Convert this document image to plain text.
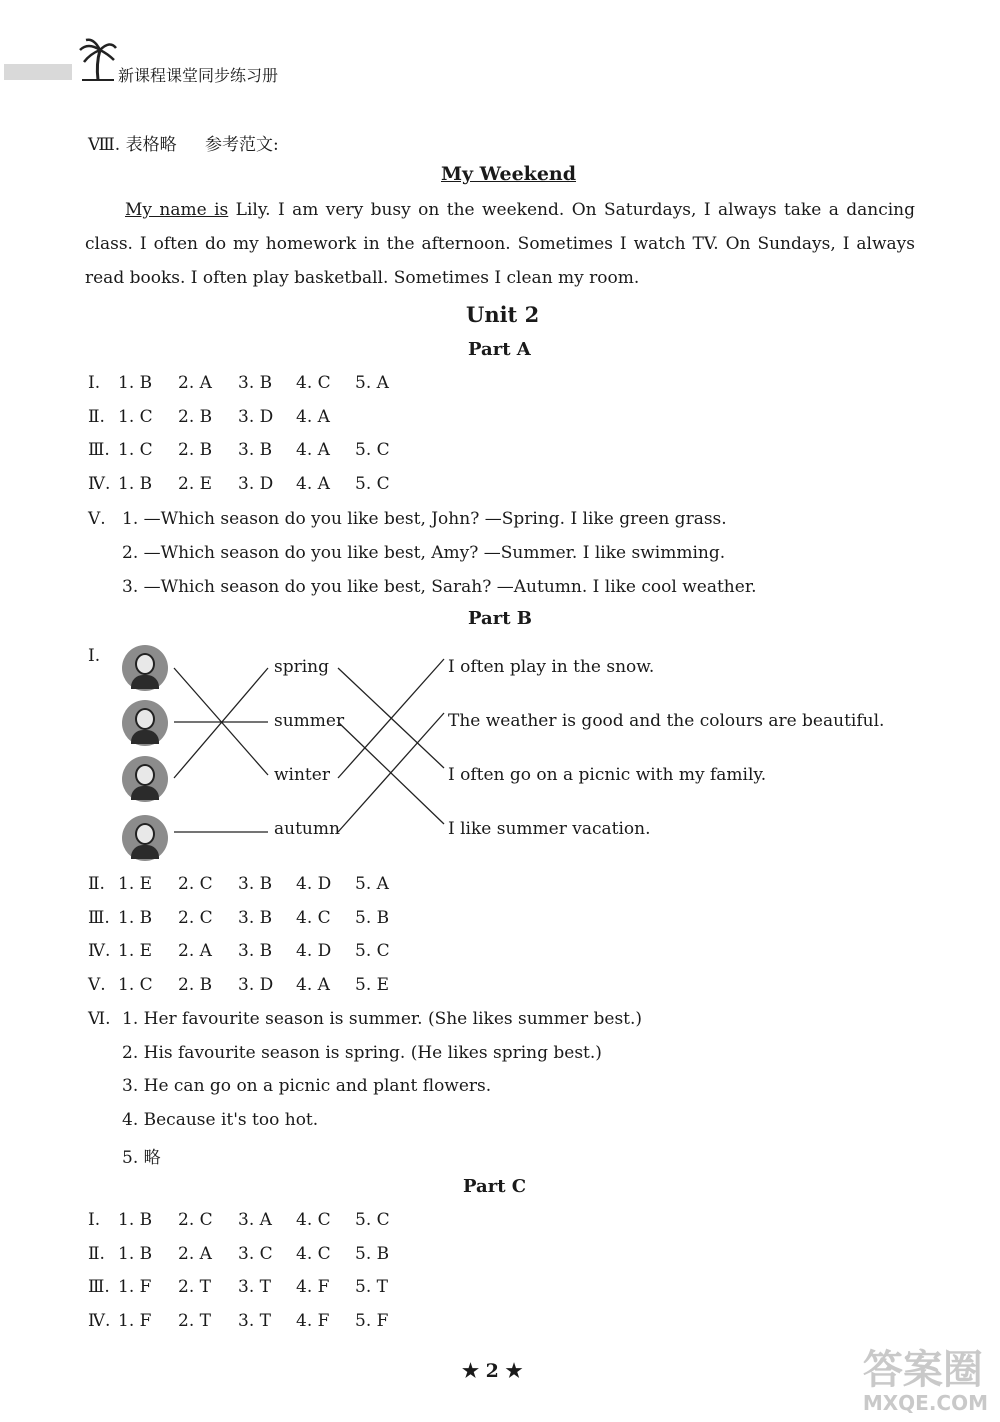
新课程课堂同步练习册
Ⅷ. 表格略 参考范文:
My Weekend
My name is Lily. I am very busy on the weekend. On Saturdays, I always take a dancing class. I often do my homework in the afternoon. Sometimes I watch TV. On Sundays, I always read books. I often play basketball. Sometimes I clean my room.
Unit 2
Part A
Ⅰ. 1. B 2. A 3. B 4. C 5. A
Ⅱ. 1. C 2. B 3. D 4. A
Ⅲ. 1. C 2. B 3. B 4. A 5. C
Ⅳ. 1. B 2. E 3. D 4. A 5. C
Ⅴ. 1. —Which season do you like best, John? —Spring. I like green grass.
2. —Which season do you like best, Amy? —Summer. I like swimming.
3. —Which season do you like best, Sarah? —Autumn. I like cool weather.
Part B
Ⅰ.
spring
summer
winter
autumn
I often play in the snow.
The weather is good and the colours are beautiful.
I often go on a picnic with my family.
I like summer vacation.
Ⅱ. 1. E 2. C 3. B 4. D 5. A
Ⅲ. 1. B 2. C 3. B 4. C 5. B
Ⅳ. 1. E 2. A 3. B 4. D 5. C
Ⅴ. 1. C 2. B 3. D 4. A 5. E
Ⅵ. 1. Her favourite season is summer. (She likes summer best.)
2. His favourite season is spring. (He likes spring best.)
3. He can go on a picnic and plant flowers.
4. Because it's too hot.
5. 略
Part C
Ⅰ. 1. B 2. C 3. A 4. C 5. C
Ⅱ. 1. B 2. A 3. C 4. C 5. B
Ⅲ. 1. F 2. T 3. T 4. F 5. T
Ⅳ. 1. F 2. T 3. T 4. F 5. F
★ 2 ★	答案圈
MXQE.COM
